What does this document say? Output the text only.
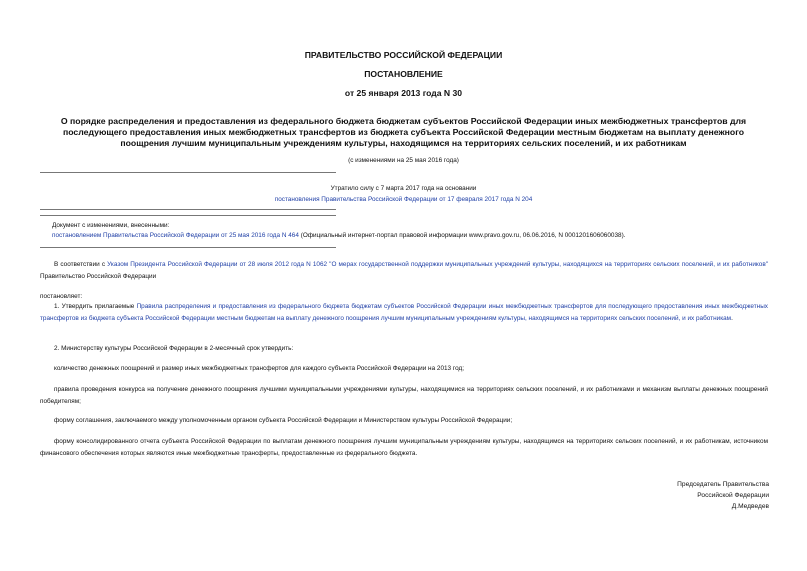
ПРАВИТЕЛЬСТВО РОССИЙСКОЙ ФЕДЕРАЦИИ
ПОСТАНОВЛЕНИЕ
от 25 января 2013 года N 30
О порядке распределения и предоставления из федерального бюджета бюджетам субъектов Российской Федерации иных межбюджетных трансфертов для последующего предоставления иных межбюджетных трансфертов из бюджета субъекта Российской Федерации местным бюджетам на выплату денежного поощрения лучшим муниципальным учреждениям культуры, находящимся на территориях сельских поселений, и их работникам
(с изменениями на 25 мая 2016 года)
Утратило силу с 7 марта 2017 года на основании
постановления Правительства Российской Федерации от 17 февраля 2017 года N 204
Документ с изменениями, внесенными:
постановлением Правительства Российской Федерации от 25 мая 2016 года N 464 (Официальный интернет-портал правовой информации www.pravo.gov.ru, 06.06.2016, N 0001201606060038).
В соответствии с Указом Президента Российской Федерации от 28 июля 2012 года N 1062 "О мерах государственной поддержки муниципальных учреждений культуры, находящихся на территориях сельских поселений, и их работников" Правительство Российской Федерации
постановляет:
1. Утвердить прилагаемые Правила распределения и предоставления из федерального бюджета бюджетам субъектов Российской Федерации иных межбюджетных трансфертов для последующего предоставления иных межбюджетных трансфертов из бюджета субъекта Российской Федерации местным бюджетам на выплату денежного поощрения лучшим муниципальным учреждениям культуры, находящимся на территориях сельских поселений, и их работникам.
2. Министерству культуры Российской Федерации в 2-месячный срок утвердить:
количество денежных поощрений и размер иных межбюджетных трансфертов для каждого субъекта Российской Федерации на 2013 год;
правила проведения конкурса на получение денежного поощрения лучшими муниципальными учреждениями культуры, находящимися на территориях сельских поселений, и их работниками и механизм выплаты денежных поощрений победителям;
форму соглашения, заключаемого между уполномоченным органом субъекта Российской Федерации и Министерством культуры Российской Федерации;
форму консолидированного отчета субъекта Российской Федерации по выплатам денежного поощрения лучшим муниципальным учреждениям культуры, находящимся на территориях сельских поселений, и их работникам, источником финансового обеспечения которых являются иные межбюджетные трансферты, предоставленные из федерального бюджета.
Председатель Правительства
Российской Федерации
Д.Медведев
